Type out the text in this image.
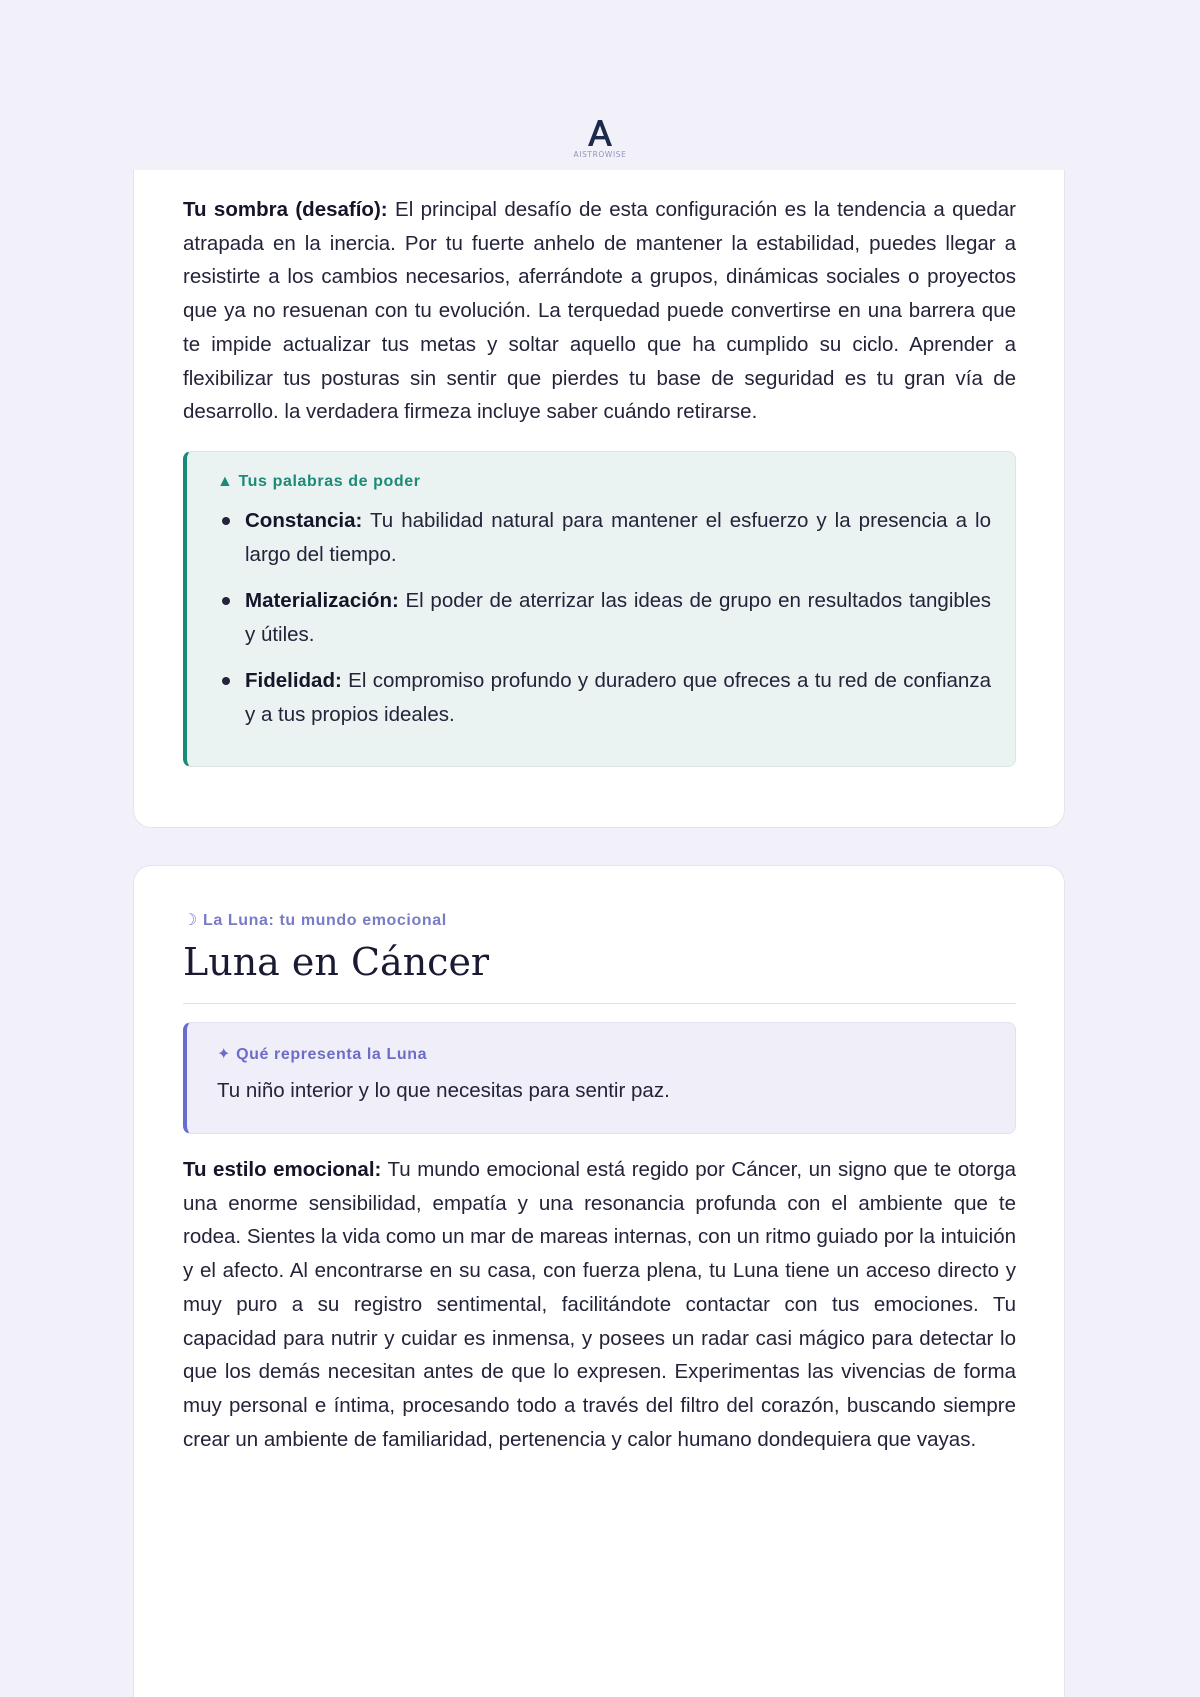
AISTROWISE

Tu sombra (desafío): El principal desafío de esta configuración es la tendencia a quedar atrapada en la inercia. Por tu fuerte anhelo de mantener la estabilidad, puedes llegar a resistirte a los cambios necesarios, aferrándote a grupos, dinámicas sociales o proyectos que ya no resuenan con tu evolución. La terquedad puede convertirse en una barrera que te impide actualizar tus metas y soltar aquello que ha cumplido su ciclo. Aprender a flexibilizar tus posturas sin sentir que pierdes tu base de seguridad es tu gran vía de desarrollo. la verdadera firmeza incluye saber cuándo retirarse.

▲ Tus palabras de poder
Constancia: Tu habilidad natural para mantener el esfuerzo y la presencia a lo largo del tiempo.
Materialización: El poder de aterrizar las ideas de grupo en resultados tangibles y útiles.
Fidelidad: El compromiso profundo y duradero que ofreces a tu red de confianza y a tus propios ideales.
☽ La Luna: tu mundo emocional
Luna en Cáncer
✦ Qué representa la Luna
Tu niño interior y lo que necesitas para sentir paz.

Tu estilo emocional: Tu mundo emocional está regido por Cáncer, un signo que te otorga una enorme sensibilidad, empatía y una resonancia profunda con el ambiente que te rodea. Sientes la vida como un mar de mareas internas, con un ritmo guiado por la intuición y el afecto. Al encontrarse en su casa, con fuerza plena, tu Luna tiene un acceso directo y muy puro a su registro sentimental, facilitándote contactar con tus emociones. Tu capacidad para nutrir y cuidar es inmensa, y posees un radar casi mágico para detectar lo que los demás necesitan antes de que lo expresen. Experimentas las vivencias de forma muy personal e íntima, procesando todo a través del filtro del corazón, buscando siempre crear un ambiente de familiaridad, pertenencia y calor humano dondequiera que vayas.
